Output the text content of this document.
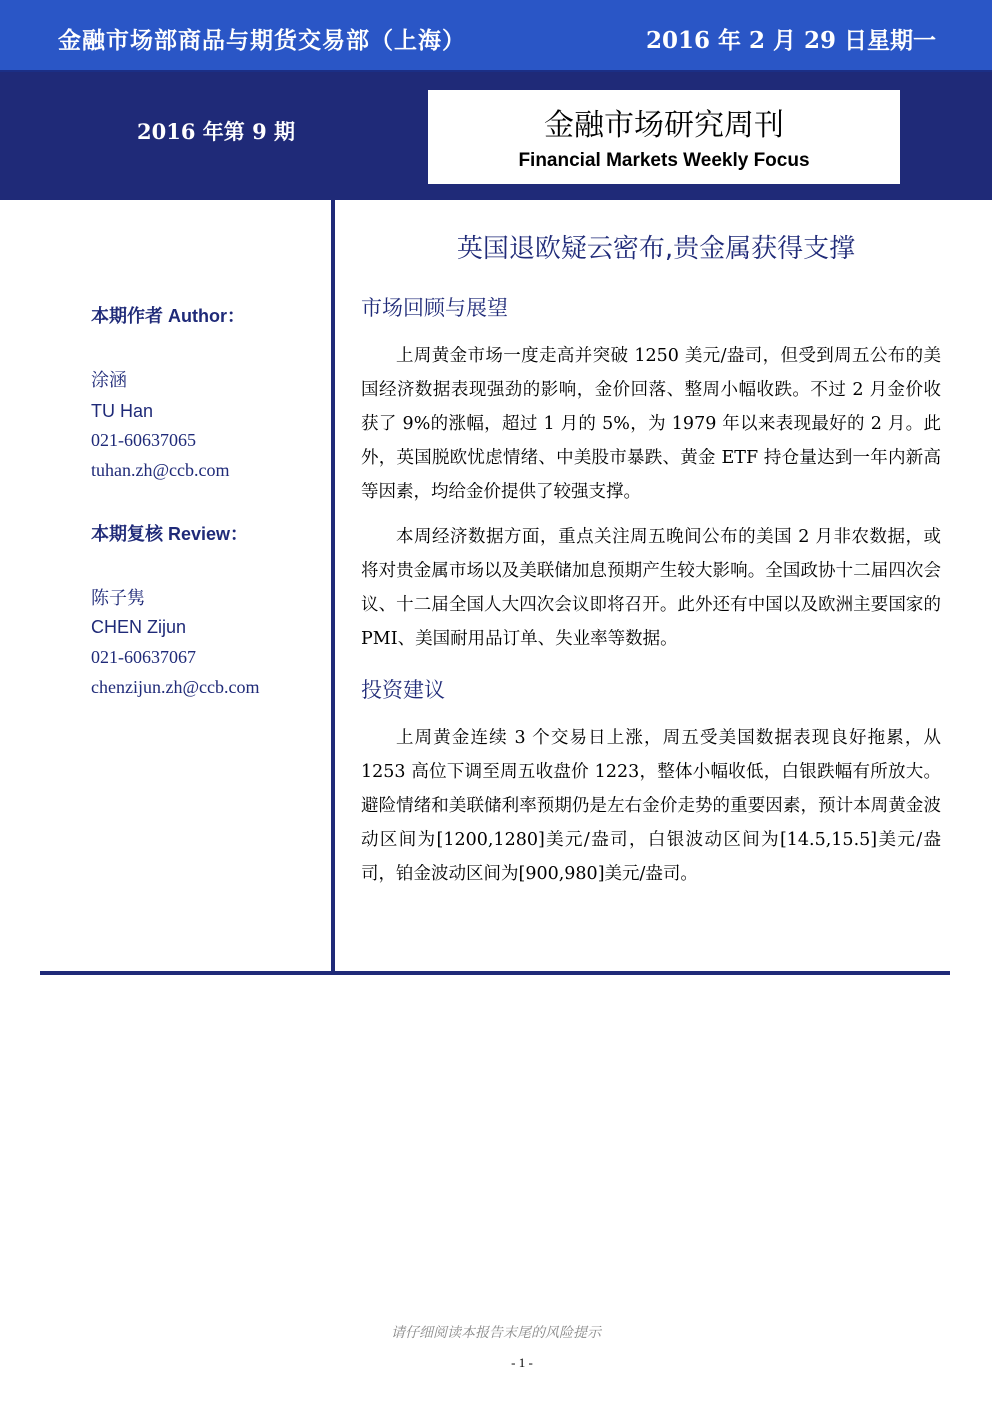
金融市场部商品与期货交易部（上海）	2016 年 2 月 29 日星期一
2016 年第 9 期	金融市场研究周刊
Financial Markets Weekly Focus
本期作者 Author：
涂涵
TU Han
021-60637065
tuhan.zh@ccb.com
本期复核 Review：
陈子隽
CHEN Zijun
021-60637067
chenzijun.zh@ccb.com
英国退欧疑云密布,贵金属获得支撑
市场回顾与展望
上周黄金市场一度走高并突破 1250 美元/盎司，但受到周五公布的美国经济数据表现强劲的影响，金价回落、整周小幅收跌。不过 2 月金价收获了 9%的涨幅，超过 1 月的 5%，为 1979 年以来表现最好的 2 月。此外，英国脱欧忧虑情绪、中美股市暴跌、黄金 ETF 持仓量达到一年内新高等因素，均给金价提供了较强支撑。
本周经济数据方面，重点关注周五晚间公布的美国 2 月非农数据，或将对贵金属市场以及美联储加息预期产生较大影响。全国政协十二届四次会议、十二届全国人大四次会议即将召开。此外还有中国以及欧洲主要国家的 PMI、美国耐用品订单、失业率等数据。
投资建议
上周黄金连续 3 个交易日上涨，周五受美国数据表现良好拖累，从 1253 高位下调至周五收盘价 1223，整体小幅收低，白银跌幅有所放大。避险情绪和美联储利率预期仍是左右金价走势的重要因素，预计本周黄金波动区间为[1200,1280]美元/盎司，白银波动区间为[14.5,15.5]美元/盎司，铂金波动区间为[900,980]美元/盎司。
请仔细阅读本报告末尾的风险提示
- 1 -
